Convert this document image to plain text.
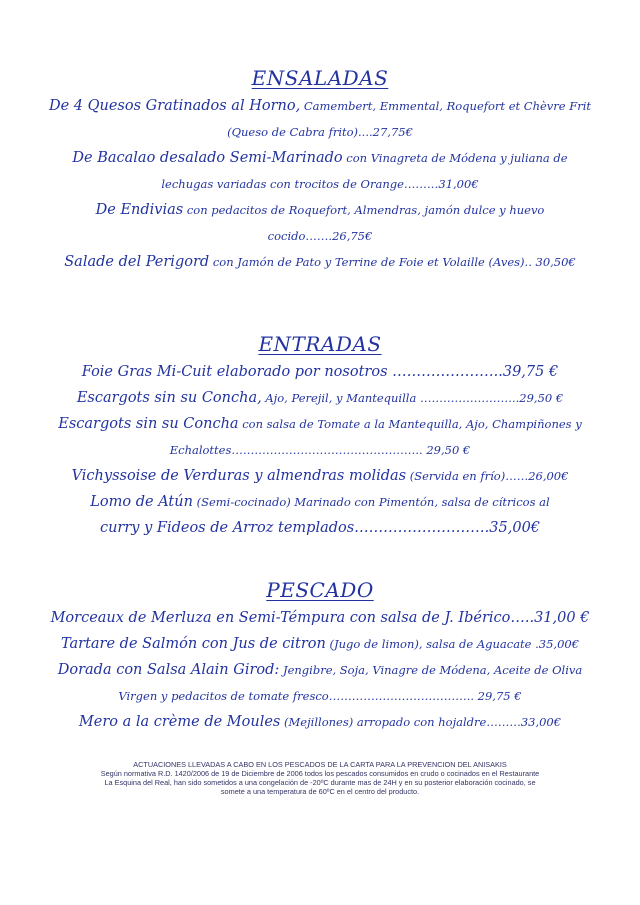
ENSALADAS
De 4 Quesos Gratinados al Horno, Camembert, Emmental, Roquefort et Chèvre Frit
(Queso de Cabra frito)....27,75€
De Bacalao desalado Semi-Marinado con Vinagreta de Módena y juliana de
lechugas variadas con trocitos de Orange………31,00€
De Endivias con pedacitos de Roquefort, Almendras, jamón dulce y huevo
cocido…….26,75€
Salade del Perigord con Jamón de Pato y Terrine de Foie et Volaille (Aves).. 30,50€
ENTRADAS
Foie Gras Mi-Cuit elaborado por nosotros …………………..39,75 €
Escargots sin su Concha, Ajo, Perejil, y Mantequilla ……………………..29,50 €
Escargots sin su Concha con salsa de Tomate a la Mantequilla, Ajo, Champiñones y
Echalottes………………………………………….. 29,50 €
Vichyssoise de Verduras y almendras molidas (Servida en frío)……26,00€
Lomo de Atún (Semi-cocinado) Marinado con Pimentón, salsa de cítricos al
curry y Fideos de Arroz templados……………………….35,00€
PESCADO
Morceaux de Merluza en Semi-Témpura con salsa de J. Ibérico…..31,00 €
Tartare de Salmón con Jus de citron (Jugo de limon), salsa de Aguacate .35,00€
Dorada con Salsa Alain Girod: Jengibre, Soja, Vinagre de Módena, Aceite de Oliva
Virgen y pedacitos de tomate fresco……………………………….. 29,75 €
Mero a la crème de Moules (Mejillones) arropado con hojaldre………33,00€
ACTUACIONES LLEVADAS A CABO EN LOS PESCADOS DE LA CARTA PARA LA PREVENCION DEL ANISAKIS
Según normativa R.D. 1420/2006 de 19 de Diciembre de 2006 todos los pescados consumidos en crudo o cocinados en el Restaurante
La Esquina del Real, han sido sometidos a una congelación de -20ºC durante mas de 24H y en su posterior elaboración cocinado, se
somete a una temperatura de 60ºC en el centro del producto.
